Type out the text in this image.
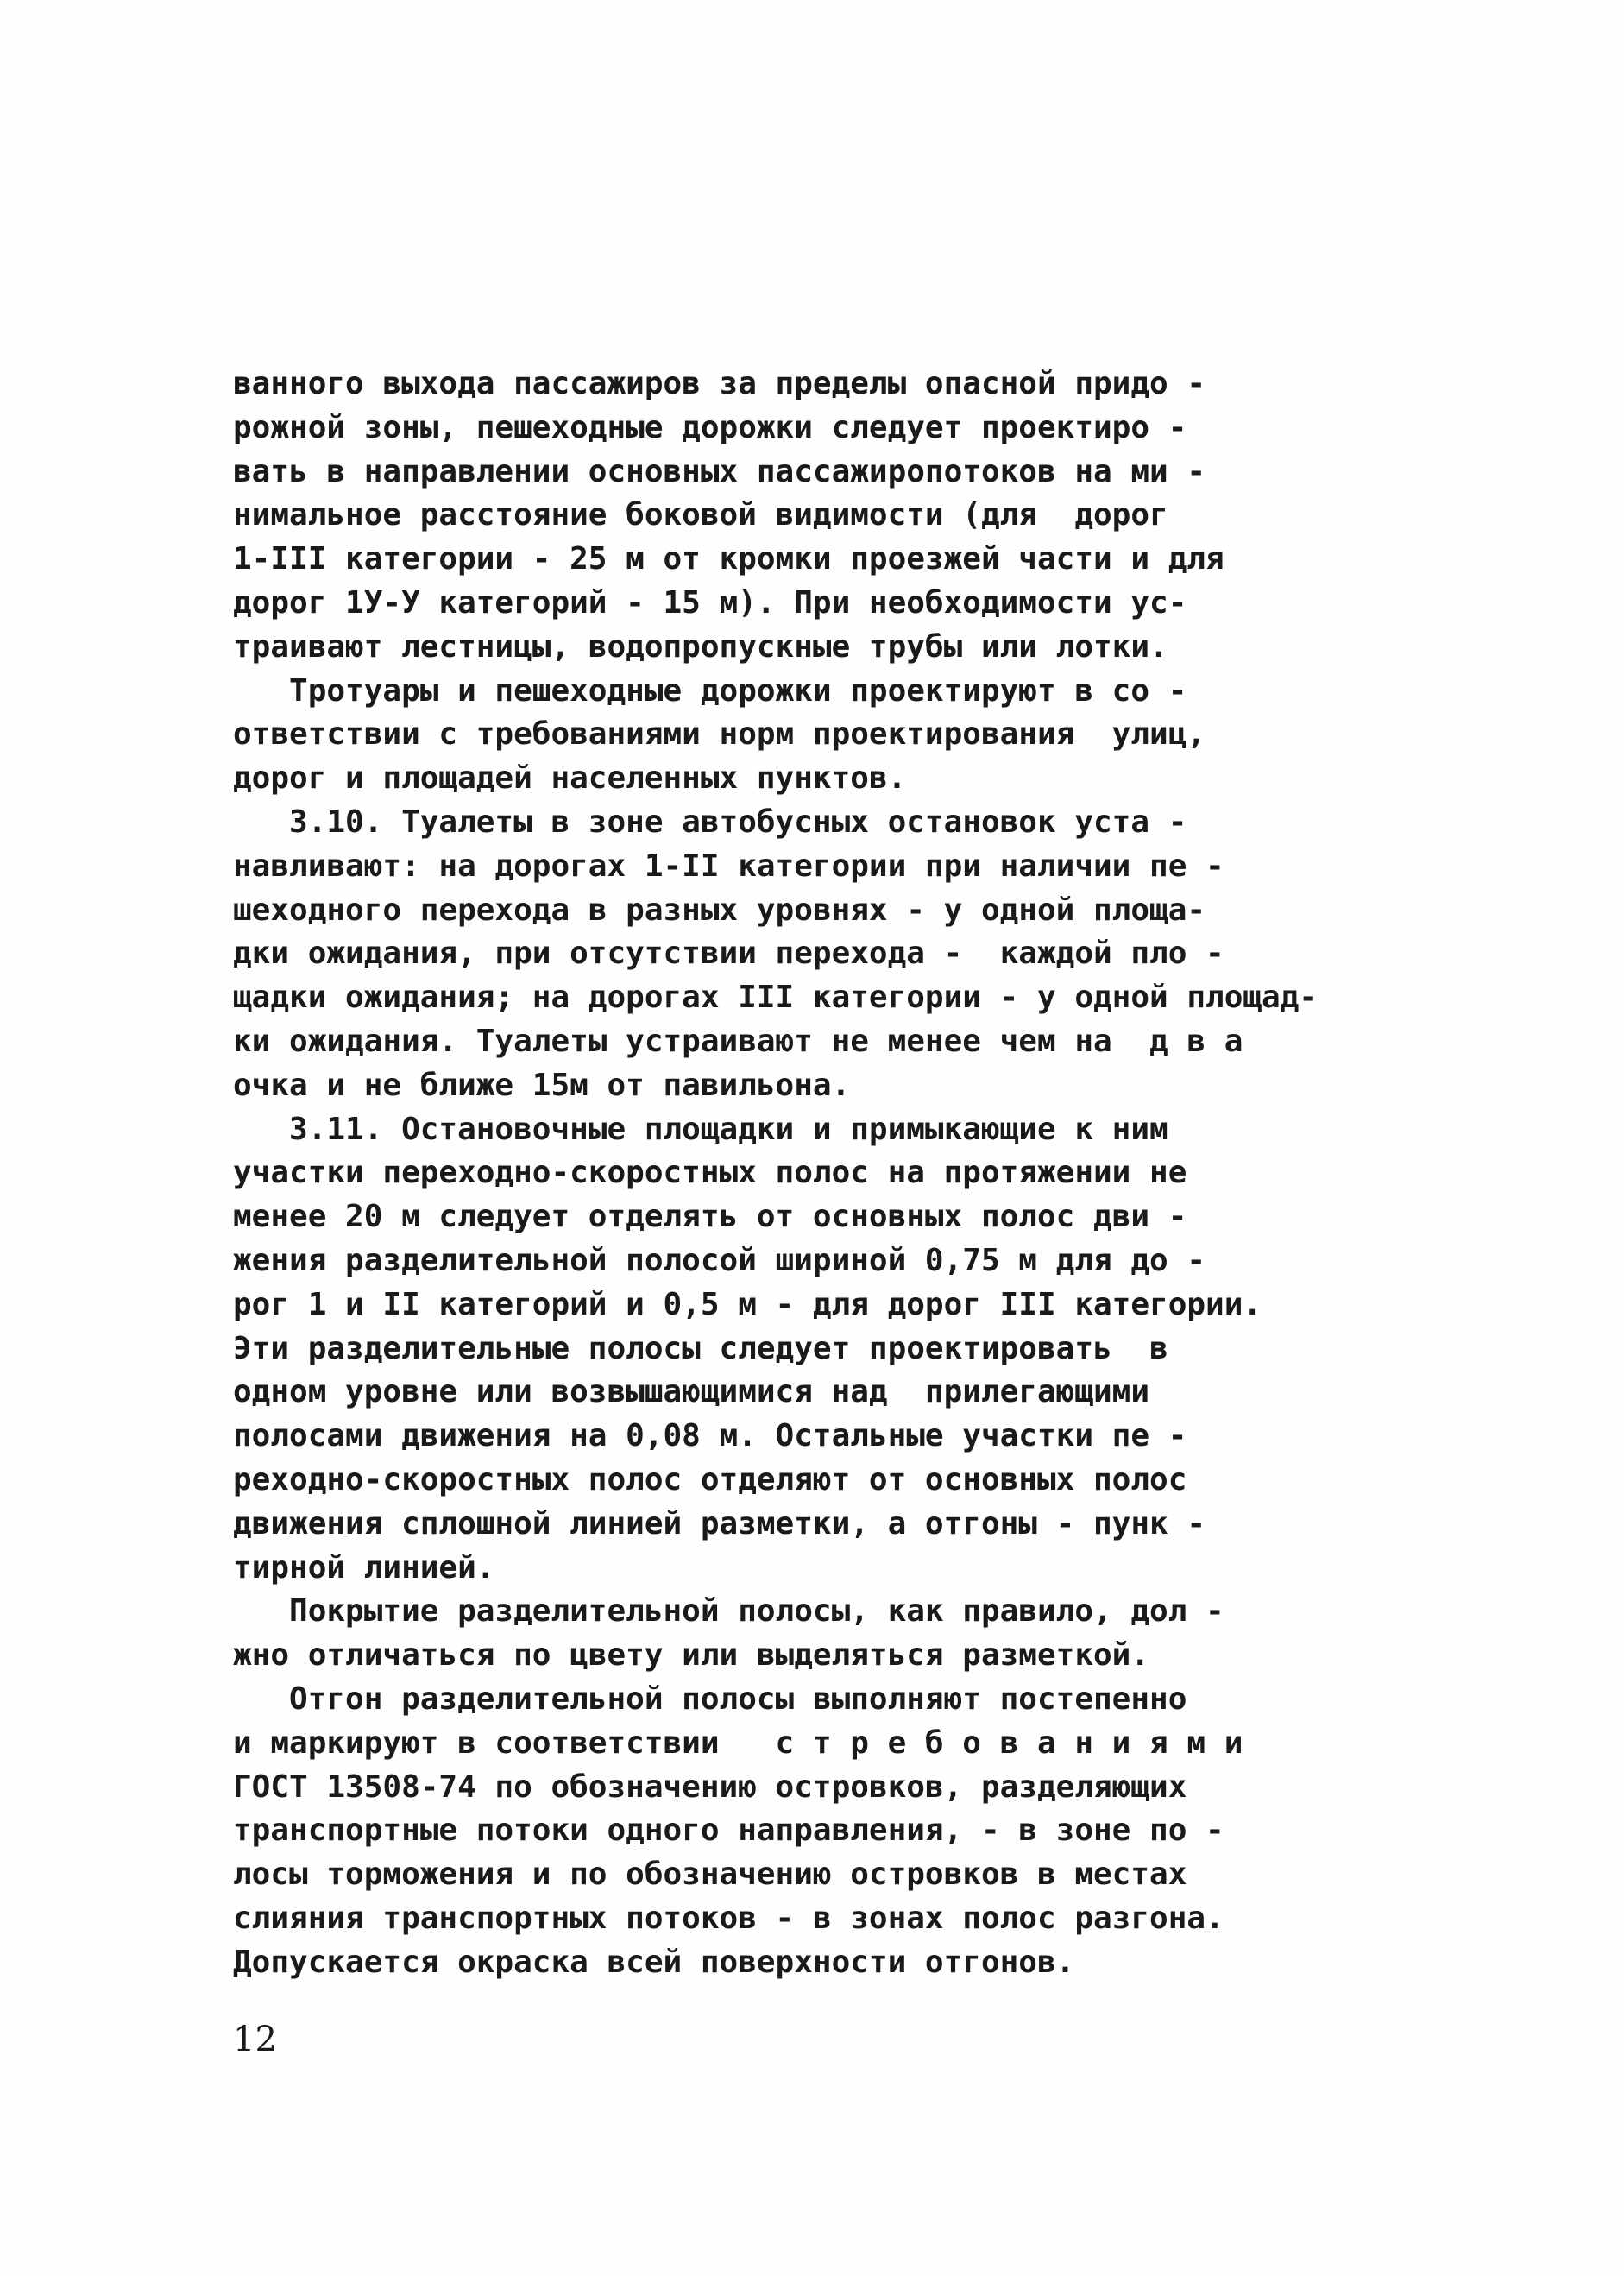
ванного выхода пассажиров за пределы опасной придо -
рожной зоны, пешеходные дорожки следует проектиро -
вать в направлении основных пассажиропотоков на ми -
нимальное расстояние боковой видимости (для  дорог
1-III категории - 25 м от кромки проезжей части и для
дорог 1У-У категорий - 15 м). При необходимости ус-
траивают лестницы, водопропускные трубы или лотки.
Тротуары и пешеходные дорожки проектируют в со -
ответствии с требованиями норм проектирования  улиц,
дорог и площадей населенных пунктов.
3.10. Туалеты в зоне автобусных остановок уста -
навливают: на дорогах 1-II категории при наличии пе -
шеходного перехода в разных уровнях - у одной площа-
дки ожидания, при отсутствии перехода -  каждой пло -
щадки ожидания; на дорогах III категории - у одной площад-
ки ожидания. Туалеты устраивают не менее чем на  д в а
очка и не ближе 15м от павильона.
3.11. Остановочные площадки и примыкающие к ним
участки переходно-скоростных полос на протяжении не
менее 20 м следует отделять от основных полос дви -
жения разделительной полосой шириной 0,75 м для до -
рог 1 и II категорий и 0,5 м - для дорог III категории.
Эти разделительные полосы следует проектировать  в
одном уровне или возвышающимися над  прилегающими
полосами движения на 0,08 м. Остальные участки пе -
реходно-скоростных полос отделяют от основных полос
движения сплошной линией разметки, а отгоны - пунк -
тирной линией.
Покрытие разделительной полосы, как правило, дол -
жно отличаться по цвету или выделяться разметкой.
Отгон разделительной полосы выполняют постепенно
и маркируют в соответствии   с т р е б о в а н и я м и
ГОСТ 13508-74 по обозначению островков, разделяющих
транспортные потоки одного направления, - в зоне по -
лосы торможения и по обозначению островков в местах
слияния транспортных потоков - в зонах полос разгона.
Допускается окраска всей поверхности отгонов.
12
